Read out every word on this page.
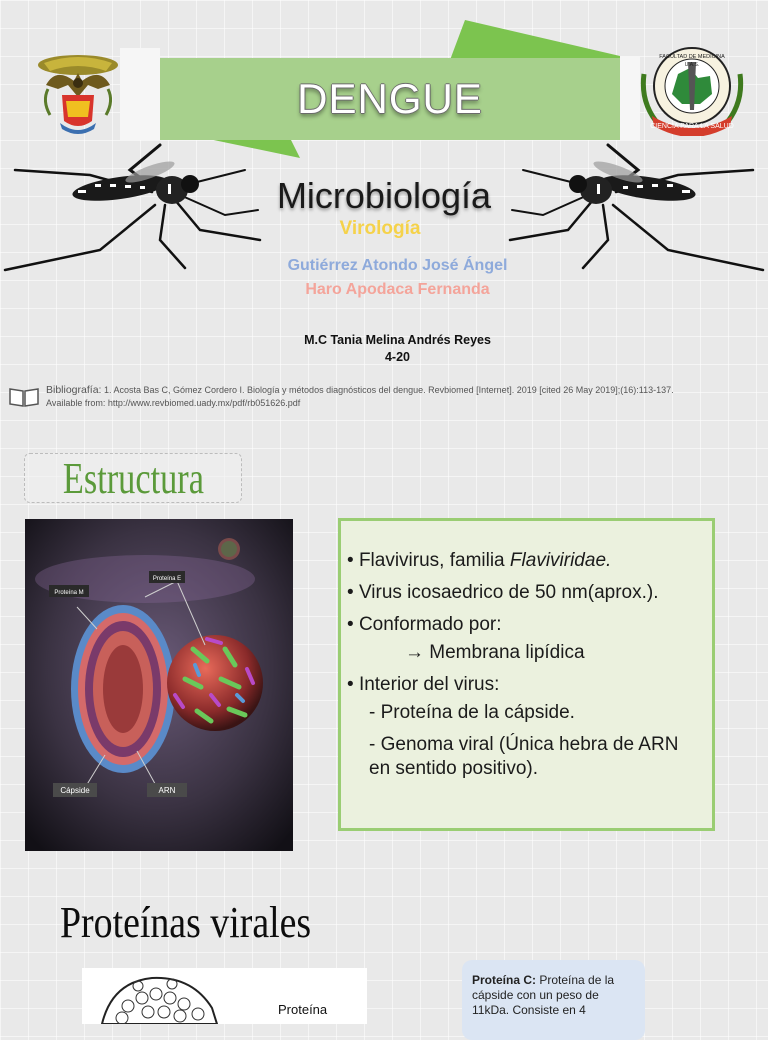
DENGUE
CIENCIA PARA LA SALUD
FACULTAD DE MEDICINA
U.A.S.
Microbiología
Virología
Gutiérrez Atondo José Ángel
Haro Apodaca Fernanda
M.C Tania Melina Andrés Reyes
4-20
Bibliografía: 1. Acosta Bas C, Gómez Cordero I. Biología y métodos diagnósticos del dengue. Revbiomed [Internet]. 2019 [cited 26 May 2019];(16):113-137.
Available from: http://www.revbiomed.uady.mx/pdf/rb051626.pdf
Estructura
Proteína M
Proteína E
Cápside	ARN
• Flavivirus, familia Flaviviridae.
• Virus icosaedrico de 50 nm(aprox.).
• Conformado por:
→ Membrana lipídica
• Interior del virus:
- Proteína de la cápside.
- Genoma viral (Única hebra de ARN en sentido positivo).
Proteínas virales
Proteína
Proteína C: Proteína de la cápside con un peso de 11kDa. Consiste en 4
